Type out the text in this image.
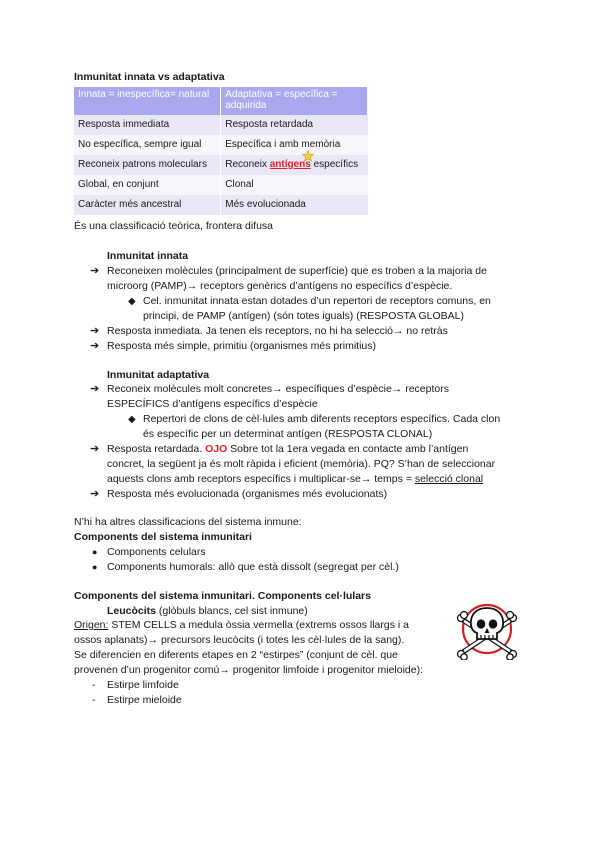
Inmunitat innata vs adaptativa
Innata = inespecífica= natural	Adaptativa = específica = adquirida
Resposta immediata	Resposta retardada
No específica, sempre igual	Específica i amb memòria
Reconeix patrons moleculars	Reconeix antígens específics

Global, en conjunt	Clonal
Caràcter més ancestral	Més evolucionada
És una classificació teòrica, frontera difusa
Inmunitat innata
➔ Reconeixen molècules (principalment de superfície) que es troben a la majoria de
microorg (PAMP)→ receptors genèrics d’antígens no específics d’espècie.
◆ Cel. inmunitat innata estan dotades d’un repertori de receptors comuns, en
principi, de PAMP (antígen) (són totes iguals) (RESPOSTA GLOBAL)
➔ Resposta inmediata. Ja tenen els receptors, no hi ha selecció→ no retràs
➔ Resposta més simple, primitiu (organismes més primitius)
Inmunitat adaptativa
➔ Reconeix molècules molt concretes→ específiques d’espècie→ receptors
ESPECÍFICS d’antígens específics d’espècie
◆ Repertori de clons de cèl·lules amb diferents receptors específics. Cada clon
és específic per un determinat antígen (RESPOSTA CLONAL)
➔ Resposta retardada. OJO Sobre tot la 1era vegada en contacte amb l’antígen
concret, la següent ja és molt ràpida i eficient (memòria). PQ? S’han de seleccionar
aquests clons amb receptors específics i multiplicar-se→ temps = selecció clonal
➔ Resposta més evolucionada (organismes més evolucionats)
N’hi ha altres classificacions del sistema inmune:
Components del sistema inmunitari
● Components celulars
● Components humorals: allò que està dissolt (segregat per cèl.)
Components del sistema inmunitari. Components cel·lulars
Leucòcits (glòbuls blancs, cel sist inmune)
Origen: STEM CELLS a medula òssia vermella (extrems ossos llargs i a
ossos aplanats)→ precursors leucòcits (i totes les cèl·lules de la sang).
Se diferencien en diferents etapes en 2 “estirpes” (conjunt de cèl. que
provenen d’un progenitor comú→ progenitor limfoide i progenitor mieloide):
- Estirpe limfoide
- Estirpe mieloide
